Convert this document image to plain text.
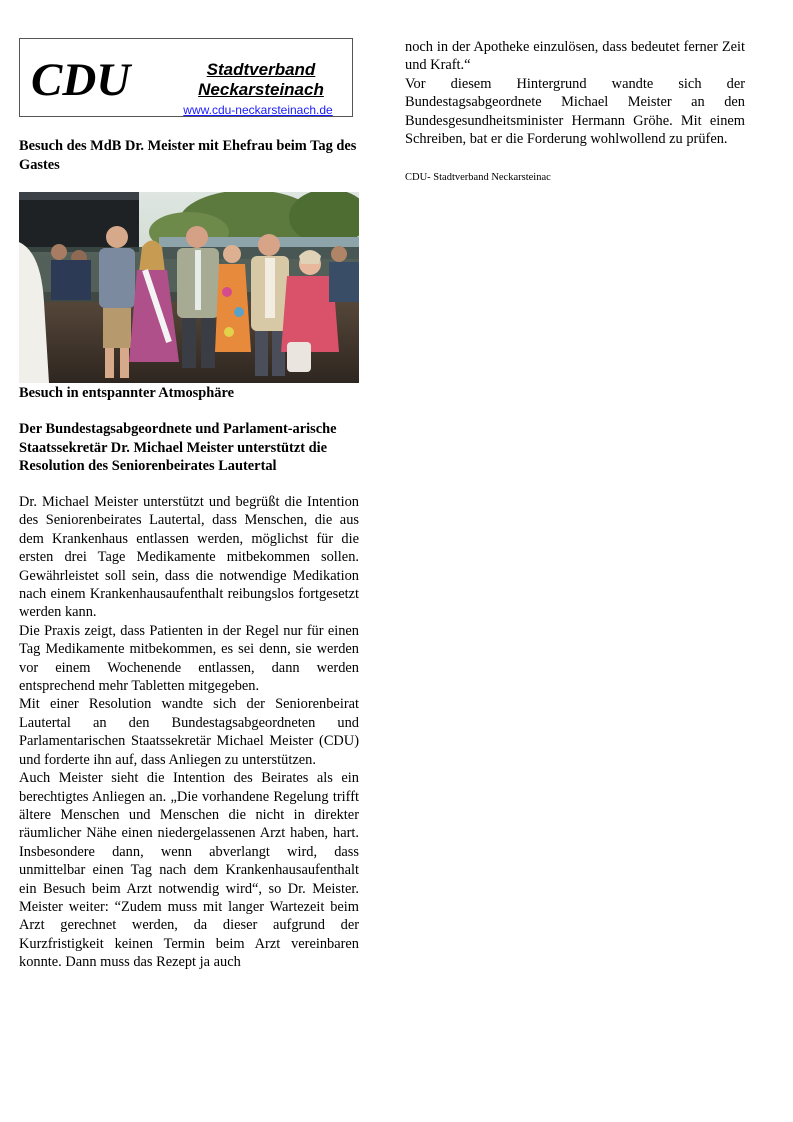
CDU	Stadtverband
Neckarsteinach
www.cdu-neckarsteinach.de
Besuch des MdB Dr. Meister mit Ehefrau beim Tag des Gastes
Besuch in entspannter Atmosphäre
Der Bundestagsabgeordnete und Parlament-arische Staatssekretär Dr. Michael Meister unterstützt die Resolution des Seniorenbeirates Lautertal

Dr. Michael Meister unterstützt und begrüßt die Intention des Seniorenbeirates Lautertal, dass Menschen, die aus dem Krankenhaus entlassen werden, möglichst für die ersten drei Tage Medikamente mitbekommen sollen. Gewährleistet soll sein, dass die notwendige Medikation nach einem Krankenhausaufenthalt reibungslos fortgesetzt werden kann.

Die Praxis zeigt, dass Patienten in der Regel nur für einen Tag Medikamente mitbekommen, es sei denn, sie werden vor einem Wochenende entlassen, dann werden entsprechend mehr Tabletten mitgegeben.

Mit einer Resolution wandte sich der Seniorenbeirat Lautertal an den Bundestagsabgeordneten und Parlamentarischen Staatssekretär Michael Meister (CDU) und forderte ihn auf, dass Anliegen zu unterstützen.

Auch Meister sieht die Intention des Beirates als ein berechtigtes Anliegen an. „Die vorhandene Regelung trifft ältere Menschen und Menschen die nicht in direkter räumlicher Nähe einen niedergelassenen Arzt haben, hart. Insbesondere dann, wenn abverlangt wird, dass unmittelbar einen Tag nach dem Krankenhausaufenthalt ein Besuch beim Arzt notwendig wird“, so Dr. Meister. Meister weiter: “Zudem muss mit langer Wartezeit beim Arzt gerechnet werden, da dieser aufgrund der Kurzfristigkeit keinen Termin beim Arzt vereinbaren konnte. Dann muss das Rezept ja auch

noch in der Apotheke einzulösen, dass bedeutet ferner Zeit und Kraft.“

Vor diesem Hintergrund wandte sich der Bundestagsabgeordnete Michael Meister an den Bundesgesundheitsminister Hermann Gröhe. Mit einem Schreiben, bat er die Forderung wohlwollend zu prüfen.

CDU- Stadtverband Neckarsteinac
